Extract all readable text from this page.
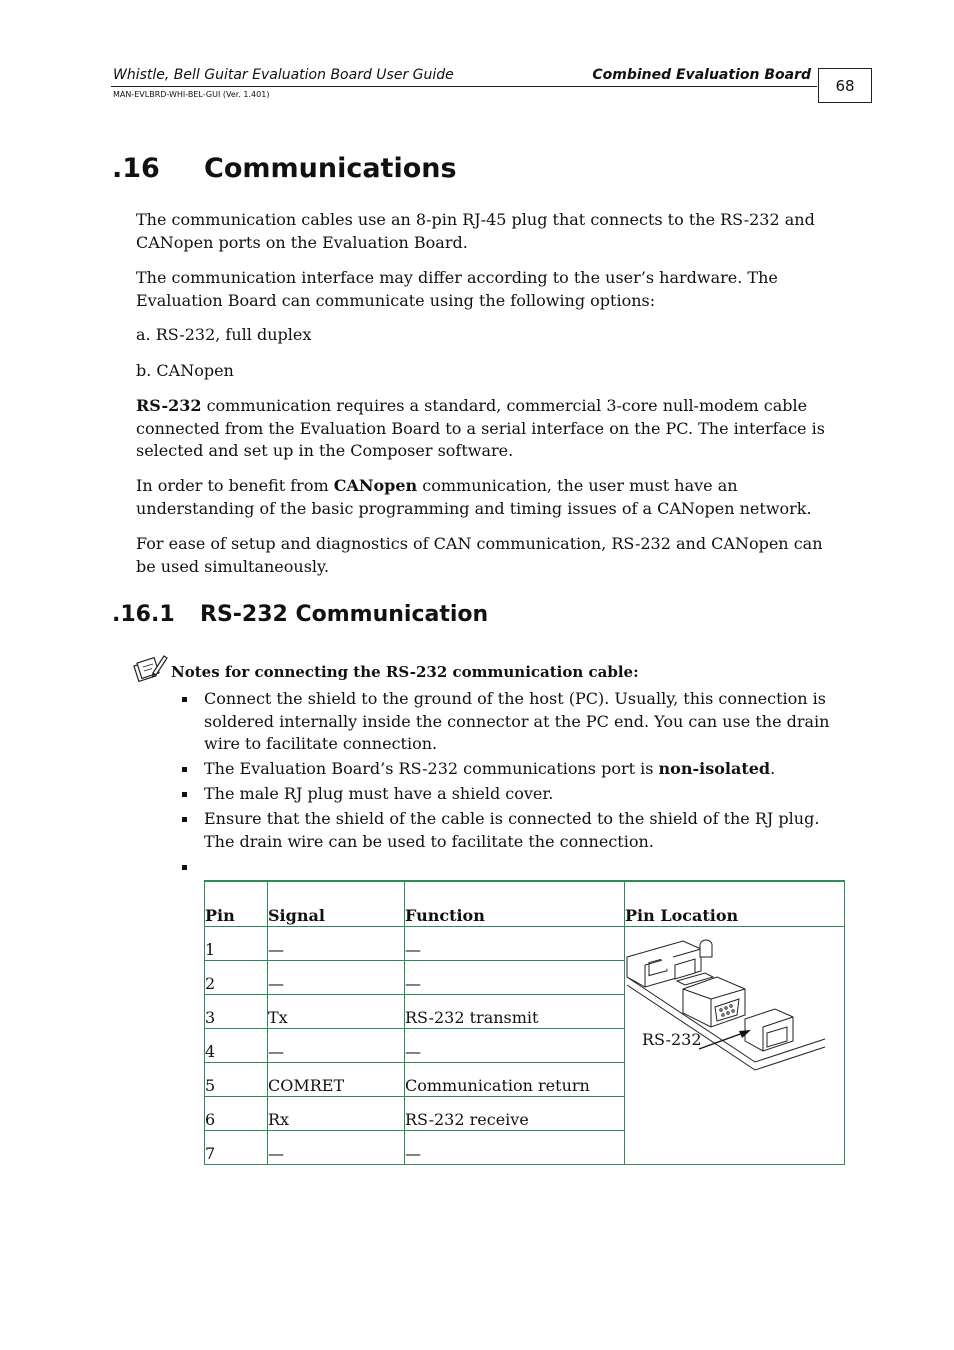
Whistle, Bell Guitar Evaluation Board User Guide	Combined Evaluation Board
MAN-EVLBRD-WHI-BEL-GUI (Ver. 1.401)	68
.16 Communications
The communication cables use an 8-pin RJ-45 plug that connects to the RS-232 and CANopen ports on the Evaluation Board.
The communication interface may differ according to the user’s hardware. The Evaluation Board can communicate using the following options:
a. RS-232, full duplex
b. CANopen
RS-232 communication requires a standard, commercial 3-core null-modem cable connected from the Evaluation Board to a serial interface on the PC. The interface is selected and set up in the Composer software.
In order to benefit from CANopen communication, the user must have an understanding of the basic programming and timing issues of a CANopen network.
For ease of setup and diagnostics of CAN communication, RS-232 and CANopen can be used simultaneously.
.16.1 RS-232 Communication
Notes for connecting the RS-232 communication cable:
Connect the shield to the ground of the host (PC). Usually, this connection is soldered internally inside the connector at the PC end. You can use the drain wire to facilitate connection.
The Evaluation Board’s RS-232 communications port is non-isolated.
The male RJ plug must have a shield cover.
Ensure that the shield of the cable is connected to the shield of the RJ plug. The drain wire can be used to facilitate the connection.
Pin	Signal	Function	Pin Location
1	—	—	RS-232

2	—	—	
3	Tx	RS-232 transmit	
4	—	—	
5	COMRET	Communication return	
6	Rx	RS-232 receive	
7	—	—	
